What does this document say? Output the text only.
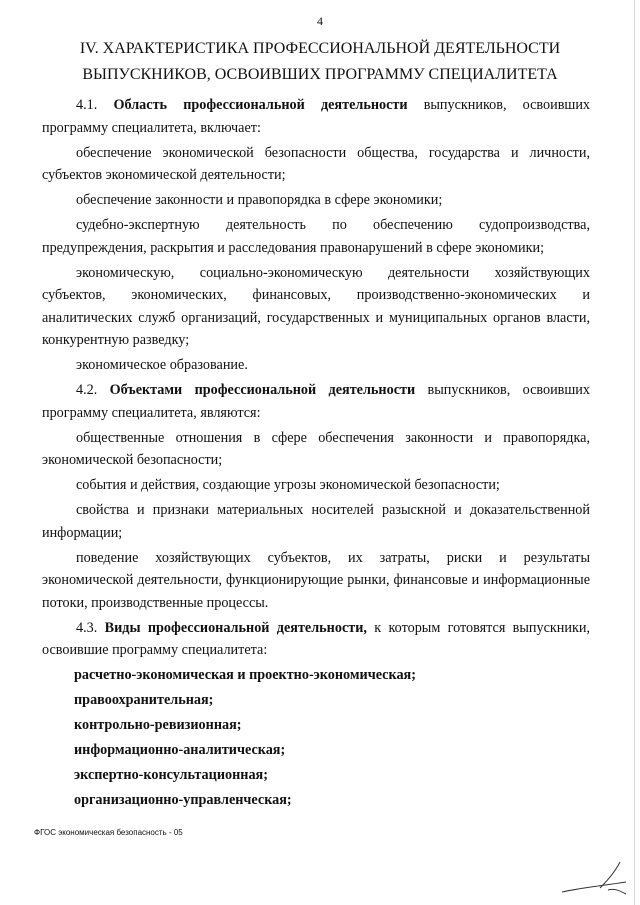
4
IV. ХАРАКТЕРИСТИКА ПРОФЕССИОНАЛЬНОЙ ДЕЯТЕЛЬНОСТИ
ВЫПУСКНИКОВ, ОСВОИВШИХ ПРОГРАММУ СПЕЦИАЛИТЕТА

4.1. Область профессиональной деятельности выпускников, освоивших программу специалитета, включает:

обеспечение экономической безопасности общества, государства и личности, субъектов экономической деятельности;

обеспечение законности и правопорядка в сфере экономики;

судебно-экспертную деятельность по обеспечению судопроизводства, предупреждения, раскрытия и расследования правонарушений в сфере экономики;

экономическую, социально-экономическую деятельности хозяйствующих субъектов, экономических, финансовых, производственно-экономических и аналитических служб организаций, государственных и муниципальных органов власти, конкурентную разведку;

экономическое образование.

4.2. Объектами профессиональной деятельности выпускников, освоивших программу специалитета, являются:

общественные отношения в сфере обеспечения законности и правопорядка, экономической безопасности;

события и действия, создающие угрозы экономической безопасности;

свойства и признаки материальных носителей разыскной и доказательственной информации;

поведение хозяйствующих субъектов, их затраты, риски и результаты экономической деятельности, функционирующие рынки, финансовые и информационные потоки, производственные процессы.

4.3. Виды профессиональной деятельности, к которым готовятся выпускники, освоившие программу специалитета:

расчетно-экономическая и проектно-экономическая;

правоохранительная;

контрольно-ревизионная;

информационно-аналитическая;

экспертно-консультационная;

организационно-управленческая;

ФГОС экономическая безопасность - 05
